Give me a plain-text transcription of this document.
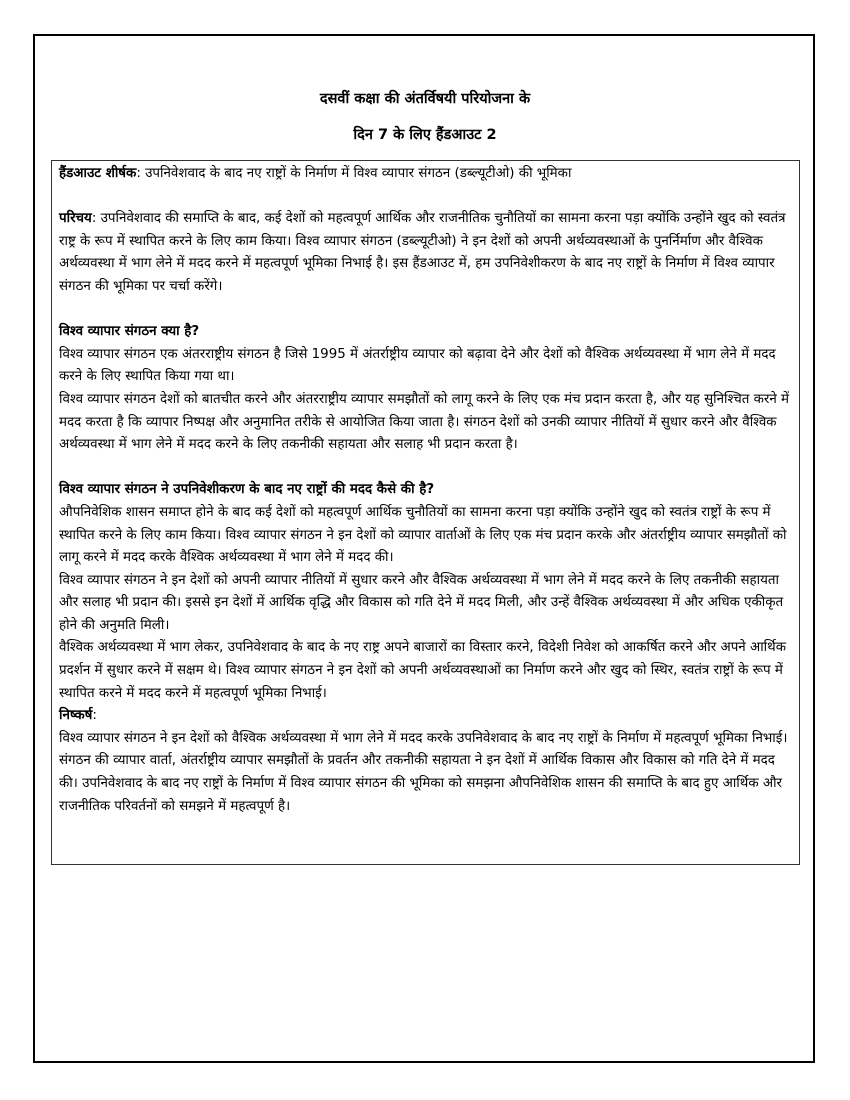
दसवीं कक्षा की अंतर्विषयी परियोजना के
दिन 7 के लिए हैंडआउट 2

हैंडआउट शीर्षक: उपनिवेशवाद के बाद नए राष्ट्रों के निर्माण में विश्व व्यापार संगठन (डब्ल्यूटीओ) की भूमिका

परिचय: उपनिवेशवाद की समाप्ति के बाद, कई देशों को महत्वपूर्ण आर्थिक और राजनीतिक चुनौतियों का सामना करना पड़ा क्योंकि उन्होंने खुद को स्वतंत्र राष्ट्र के रूप में स्थापित करने के लिए काम किया। विश्व व्यापार संगठन (डब्ल्यूटीओ) ने इन देशों को अपनी अर्थव्यवस्थाओं के पुनर्निर्माण और वैश्विक अर्थव्यवस्था में भाग लेने में मदद करने में महत्वपूर्ण भूमिका निभाई है। इस हैंडआउट में, हम उपनिवेशीकरण के बाद नए राष्ट्रों के निर्माण में विश्व व्यापार संगठन की भूमिका पर चर्चा करेंगे।

विश्व व्यापार संगठन क्या है?

विश्व व्यापार संगठन एक अंतरराष्ट्रीय संगठन है जिसे 1995 में अंतर्राष्ट्रीय व्यापार को बढ़ावा देने और देशों को वैश्विक अर्थव्यवस्था में भाग लेने में मदद करने के लिए स्थापित किया गया था।

विश्व व्यापार संगठन देशों को बातचीत करने और अंतरराष्ट्रीय व्यापार समझौतों को लागू करने के लिए एक मंच प्रदान करता है, और यह सुनिश्चित करने में मदद करता है कि व्यापार निष्पक्ष और अनुमानित तरीके से आयोजित किया जाता है। संगठन देशों को उनकी व्यापार नीतियों में सुधार करने और वैश्विक अर्थव्यवस्था में भाग लेने में मदद करने के लिए तकनीकी सहायता और सलाह भी प्रदान करता है।

विश्व व्यापार संगठन ने उपनिवेशीकरण के बाद नए राष्ट्रों की मदद कैसे की है?

औपनिवेशिक शासन समाप्त होने के बाद कई देशों को महत्वपूर्ण आर्थिक चुनौतियों का सामना करना पड़ा क्योंकि उन्होंने खुद को स्वतंत्र राष्ट्रों के रूप में स्थापित करने के लिए काम किया। विश्व व्यापार संगठन ने इन देशों को व्यापार वार्ताओं के लिए एक मंच प्रदान करके और अंतर्राष्ट्रीय व्यापार समझौतों को लागू करने में मदद करके वैश्विक अर्थव्यवस्था में भाग लेने में मदद की।

विश्व व्यापार संगठन ने इन देशों को अपनी व्यापार नीतियों में सुधार करने और वैश्विक अर्थव्यवस्था में भाग लेने में मदद करने के लिए तकनीकी सहायता और सलाह भी प्रदान की। इससे इन देशों में आर्थिक वृद्धि और विकास को गति देने में मदद मिली, और उन्हें वैश्विक अर्थव्यवस्था में और अधिक एकीकृत होने की अनुमति मिली।

वैश्विक अर्थव्यवस्था में भाग लेकर, उपनिवेशवाद के बाद के नए राष्ट्र अपने बाजारों का विस्तार करने, विदेशी निवेश को आकर्षित करने और अपने आर्थिक प्रदर्शन में सुधार करने में सक्षम थे। विश्व व्यापार संगठन ने इन देशों को अपनी अर्थव्यवस्थाओं का निर्माण करने और खुद को स्थिर, स्वतंत्र राष्ट्रों के रूप में स्थापित करने में मदद करने में महत्वपूर्ण भूमिका निभाई।

निष्कर्ष:

विश्व व्यापार संगठन ने इन देशों को वैश्विक अर्थव्यवस्था में भाग लेने में मदद करके उपनिवेशवाद के बाद नए राष्ट्रों के निर्माण में महत्वपूर्ण भूमिका निभाई। संगठन की व्यापार वार्ता, अंतर्राष्ट्रीय व्यापार समझौतों के प्रवर्तन और तकनीकी सहायता ने इन देशों में आर्थिक विकास और विकास को गति देने में मदद की। उपनिवेशवाद के बाद नए राष्ट्रों के निर्माण में विश्व व्यापार संगठन की भूमिका को समझना औपनिवेशिक शासन की समाप्ति के बाद हुए आर्थिक और राजनीतिक परिवर्तनों को समझने में महत्वपूर्ण है।
